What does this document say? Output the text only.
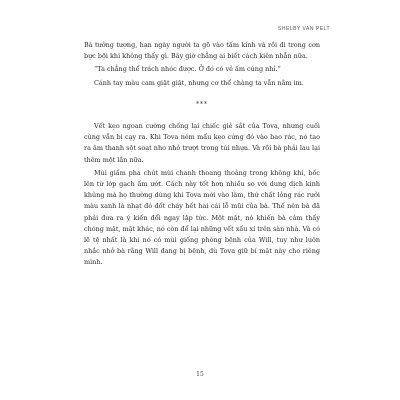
SHELBY VAN PELT

Bà tưởng tượng, hạn ngày người ta gõ vào tấm kính và rồi đi trong cơn bực bội khi không thấy gì. Bây giờ chẳng ai biết cách kiên nhẫn nữa.

“Ta chẳng thể trách nhóc được. Ở đó có vẻ ấm cúng nhỉ.”

Cánh tay màu cam giật giật, nhưng cơ thể chàng ta vẫn nằm im.

***

Vết kẹo ngoan cường chống lại chiếc giẻ sắt của Tova, nhưng cuối cùng vẫn bị cạy ra. Khi Tova ném mẩu kẹo cứng đó vào bao rác, nó tạo ra âm thanh sột soạt nho nhỏ trượt trong túi nhựa. Và rồi bà phải lau lại thêm một lần nữa.

Mùi giấm pha chút mùi chanh thoang thoảng trong không khí, bốc lên từ lớp gạch ấm ướt. Cách này tốt hơn nhiều so với dung dịch kinh khủng mà họ thường dùng khi Tova mới vào làm, thứ chất lỏng rác rưởi màu xanh là nhạt đó đốt cháy hết hai cái lỗ mũi của bà. Thế nên bà đã phải đưa ra ý kiến đổi ngay lập tức. Một mặt, nó khiến bà cảm thấy chóng mặt, mặt khác, nó còn để lại những vết xấu xí trên sàn nhà. Và có lẽ tệ nhất là khi nó có mùi giống phòng bệnh của Will, tuy như luôn nhắc nhở bà rằng Will đang bị bệnh, dù Tova giữ bí mặt này cho riêng mình.

15
